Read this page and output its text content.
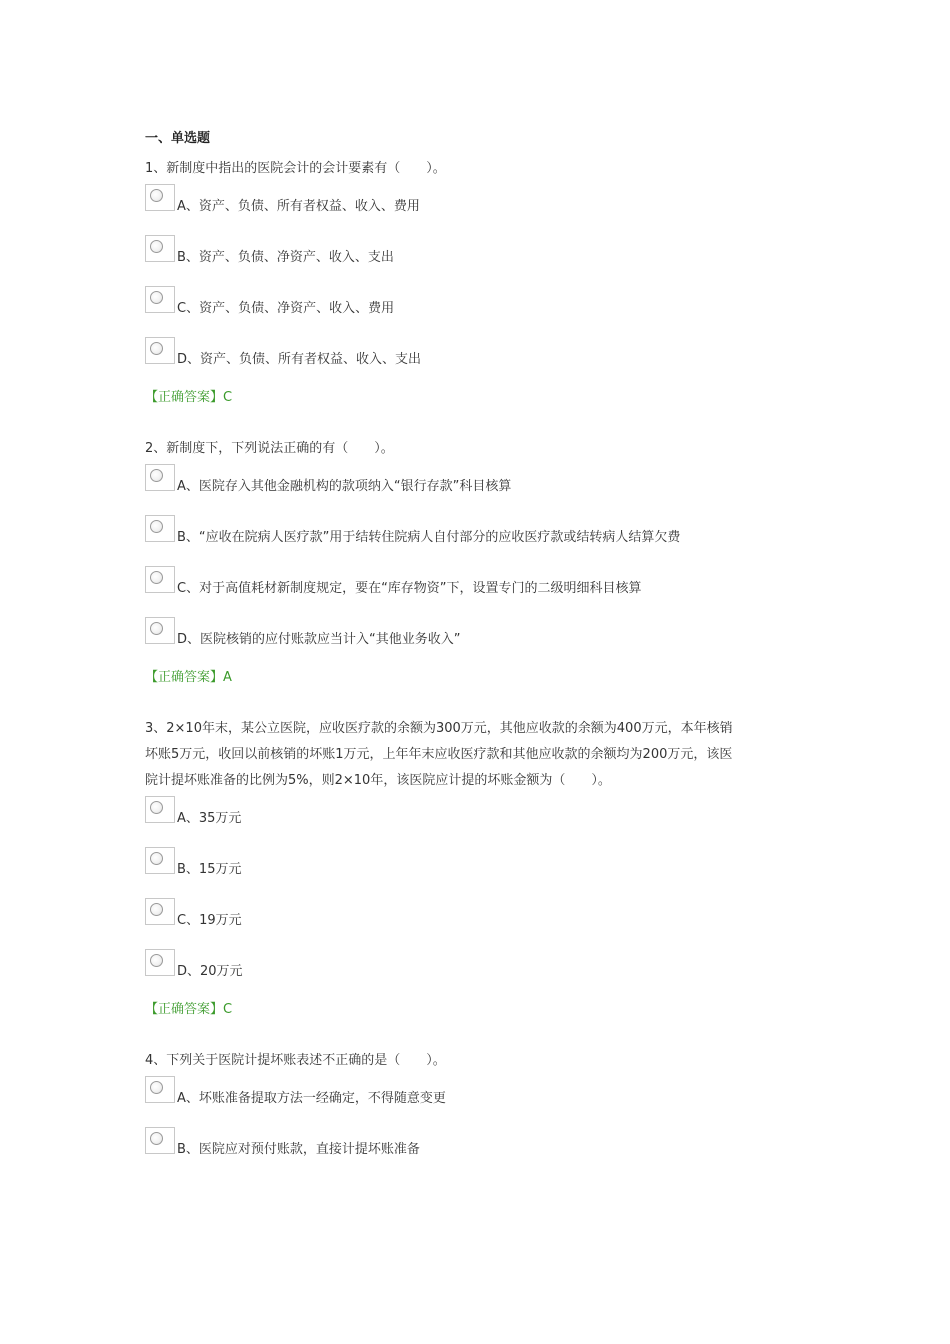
一、单选题
1、新制度中指出的医院会计的会计要素有（　　）。
A、资产、负债、所有者权益、收入、费用
B、资产、负债、净资产、收入、支出
C、资产、负债、净资产、收入、费用
D、资产、负债、所有者权益、收入、支出
【正确答案】C
2、新制度下，下列说法正确的有（　　）。
A、医院存入其他金融机构的款项纳入“银行存款”科目核算
B、“应收在院病人医疗款”用于结转住院病人自付部分的应收医疗款或结转病人结算欠费
C、对于高值耗材新制度规定，要在“库存物资”下，设置专门的二级明细科目核算
D、医院核销的应付账款应当计入“其他业务收入”
【正确答案】A
3、2×10年末，某公立医院，应收医疗款的余额为300万元，其他应收款的余额为400万元，本年核销
坏账5万元，收回以前核销的坏账1万元，上年年末应收医疗款和其他应收款的余额均为200万元，该医
院计提坏账准备的比例为5%，则2×10年，该医院应计提的坏账金额为（　　）。
A、35万元
B、15万元
C、19万元
D、20万元
【正确答案】C
4、下列关于医院计提坏账表述不正确的是（　　）。
A、坏账准备提取方法一经确定，不得随意变更
B、医院应对预付账款，直接计提坏账准备
